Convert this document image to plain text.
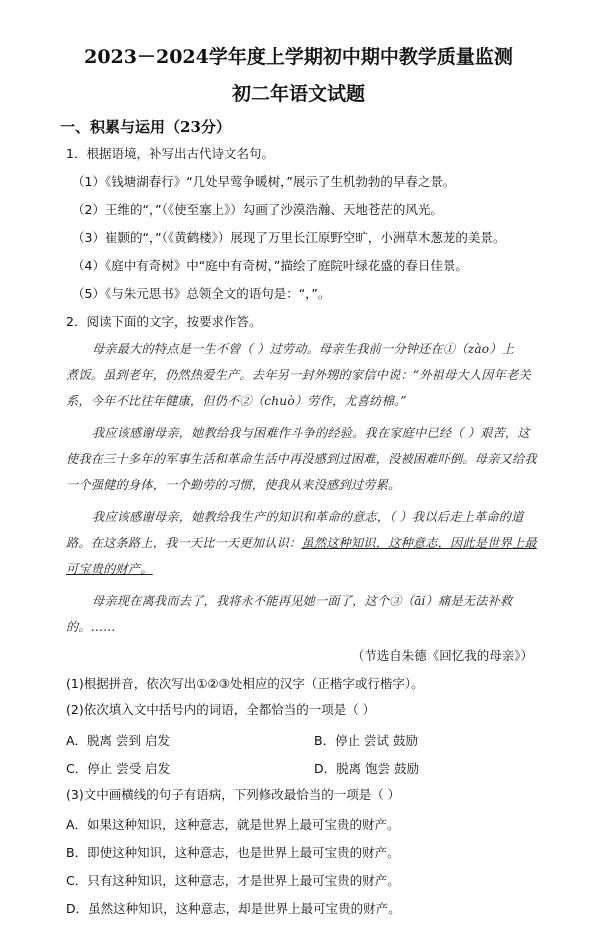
2023－2024学年度上学期初中期中教学质量监测
初二年语文试题
一、积累与运用（23分）
1．根据语境，补写出古代诗文名句。
（1）《钱塘湖春行》“几处早莺争暖树，”展示了生机勃勃的早春之景。
（2）王维的“，”（《使至塞上》）勾画了沙漠浩瀚、天地苍茫的风光。
（3）崔颢的“，”（《黄鹤楼》）展现了万里长江原野空旷，小洲草木葱茏的美景。
（4）《庭中有奇树》中“庭中有奇树，”描绘了庭院叶绿花盛的春日佳景。
（5）《与朱元思书》总领全文的语句是：“，”。
2．阅读下面的文字，按要求作答。
母亲最大的特点是一生不曾（ ）过劳动。母亲生我前一分钟还在①（zào）上
煮饭。虽到老年，仍然热爱生产。去年另一封外甥的家信中说：“外祖母大人因年老关
系，今年不比往年健康，但仍不②（chuò）劳作，尤喜纺棉。”
我应该感谢母亲，她教给我与困难作斗争的经验。我在家庭中已经（ ）艰苦，这
使我在三十多年的军事生活和革命生活中再没感到过困难，没被困难吓倒。母亲又给我
一个强健的身体，一个勤劳的习惯，使我从来没感到过劳累。
我应该感谢母亲，她教给我生产的知识和革命的意志，（ ）我以后走上革命的道
路。在这条路上，我一天比一天更加认识：虽然这种知识，这种意志，因此是世界上最
可宝贵的财产。
母亲现在离我而去了，我将永不能再见她一面了，这个③（āi）痛是无法补救
的。……
（节选自朱德《回忆我的母亲》）
(1)根据拼音，依次写出①②③处相应的汉字（正楷字或行楷字）。
(2)依次填入文中括号内的词语，全都恰当的一项是（ ）
A．脱离 尝到 启发	B．停止 尝试 鼓励
C．停止 尝受 启发	D．脱离 饱尝 鼓励
(3)文中画横线的句子有语病，下列修改最恰当的一项是（ ）
A．如果这种知识，这种意志，就是世界上最可宝贵的财产。
B．即使这种知识，这种意志，也是世界上最可宝贵的财产。
C．只有这种知识，这种意志，才是世界上最可宝贵的财产。
D．虽然这种知识，这种意志，却是世界上最可宝贵的财产。
